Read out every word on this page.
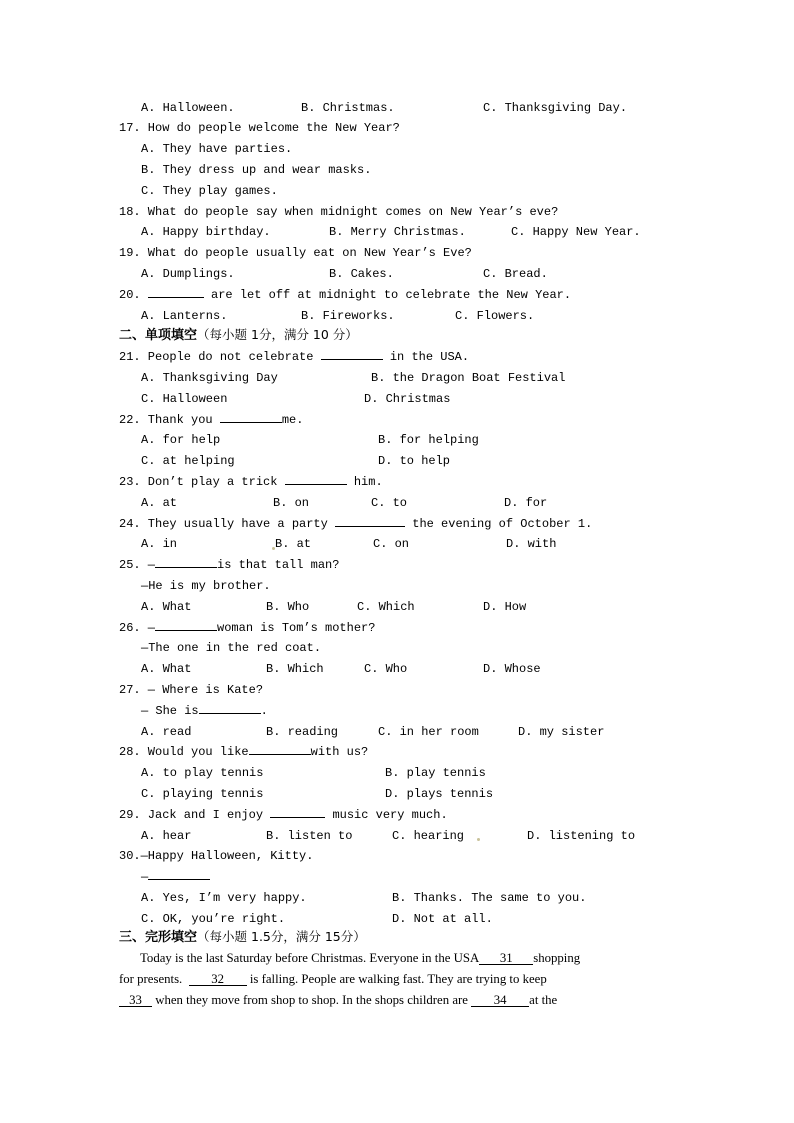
A. Halloween.	B. Christmas.	C. Thanksgiving Day.
17. How do people welcome the New Year?
A. They have parties.
B. They dress up and wear masks.
C. They play games.
18. What do people say when midnight comes on New Year’s eve?
A. Happy birthday.	B. Merry Christmas.	C. Happy New Year.
19. What do people usually eat on New Year’s Eve?
A. Dumplings.	B. Cakes.	C. Bread.
20.	are let off at midnight to celebrate the New Year.
A. Lanterns.	B. Fireworks.	C. Flowers.
二、单项填空（每小题 1分，满分 10 分）
21. People do not celebrate	in the USA.
A. Thanksgiving Day	B. the Dragon Boat Festival
C. Halloween	D. Christmas
22. Thank you	me.
A. for help	B. for helping
C. at helping	D. to help
23. Don’t play a trick	him.
A. at	B. on	C. to	D. for
24. They usually have a party	the evening of October 1.
A. in	B. at	C. on	D. with
25. —	is that tall man?
—He is my brother.
A. What	B. Who	C. Which	D. How
26. —	woman is Tom’s mother?
—The one in the red coat.
A. What	B. Which	C. Who	D. Whose
27. — Where is Kate?
— She is	.
A. read	B. reading	C. in her room	D. my sister
28. Would you like	with us?
A. to play tennis	B. play tennis
C. playing tennis	D. plays tennis
29. Jack and I enjoy	music very much.
A. hear	B. listen to	C. hearing	D. listening to
30.—Happy Halloween, Kitty.
—
A. Yes, I’m very happy.	B. Thanks. The same to you.
C. OK, you’re right.	D. Not at all.
三、完形填空（每小题 1.5分，满分 15分）
Today is the last Saturday before Christmas. Everyone in the USA 31 shopping
for presents. 32 is falling. People are walking fast. They are trying to keep
33 when they move from shop to shop. In the shops children are 34 at the
